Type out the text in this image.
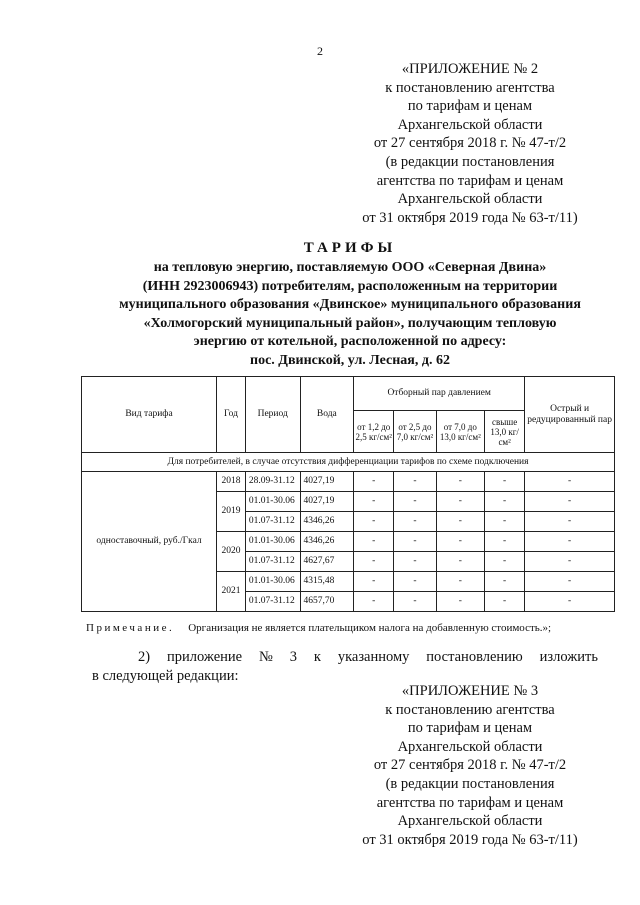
2
«ПРИЛОЖЕНИЕ № 2
к постановлению агентства
по тарифам и ценам
Архангельской области
от 27 сентября 2018 г. № 47-т/2
(в редакции постановления
агентства по тарифам и ценам
Архангельской области
от 31 октября 2019 года № 63-т/11)
ТАРИФЫ
на тепловую энергию, поставляемую ООО «Северная Двина»
(ИНН 2923006943) потребителям, расположенным на территории
муниципального образования «Двинское» муниципального образования
«Холмогорский муниципальный район», получающим тепловую
энергию от котельной, расположенной по адресу:
пос. Двинской, ул. Лесная, д. 62
Вид тарифа	Год	Период	Вода	Отборный пар давлением				Острый и редуцированный пар
				от 1,2 до 2,5 кг/см²	от 2,5 до 7,0 кг/см²	от 7,0 до 13,0 кг/см²	свыше 13,0 кг/см²	
Для потребителей, в случае отсутствия дифференциации тарифов по схеме подключения								
одноставочный, руб./Гкал	2018	28.09-31.12	4027,19	-	-	-	-	-
	2019	01.01-30.06	4027,19	-	-	-	-	-
		01.07-31.12	4346,26	-	-	-	-	-
	2020	01.01-30.06	4346,26	-	-	-	-	-
		01.07-31.12	4627,67	-	-	-	-	-
	2021	01.01-30.06	4315,48	-	-	-	-	-
		01.07-31.12	4657,70	-	-	-	-	-
Примечание. Организация не является плательщиком налога на добавленную стоимость.»;
2) приложение № 3 к указанному постановлению изложить
в следующей редакции:
«ПРИЛОЖЕНИЕ № 3
к постановлению агентства
по тарифам и ценам
Архангельской области
от 27 сентября 2018 г. № 47-т/2
(в редакции постановления
агентства по тарифам и ценам
Архангельской области
от 31 октября 2019 года № 63-т/11)
